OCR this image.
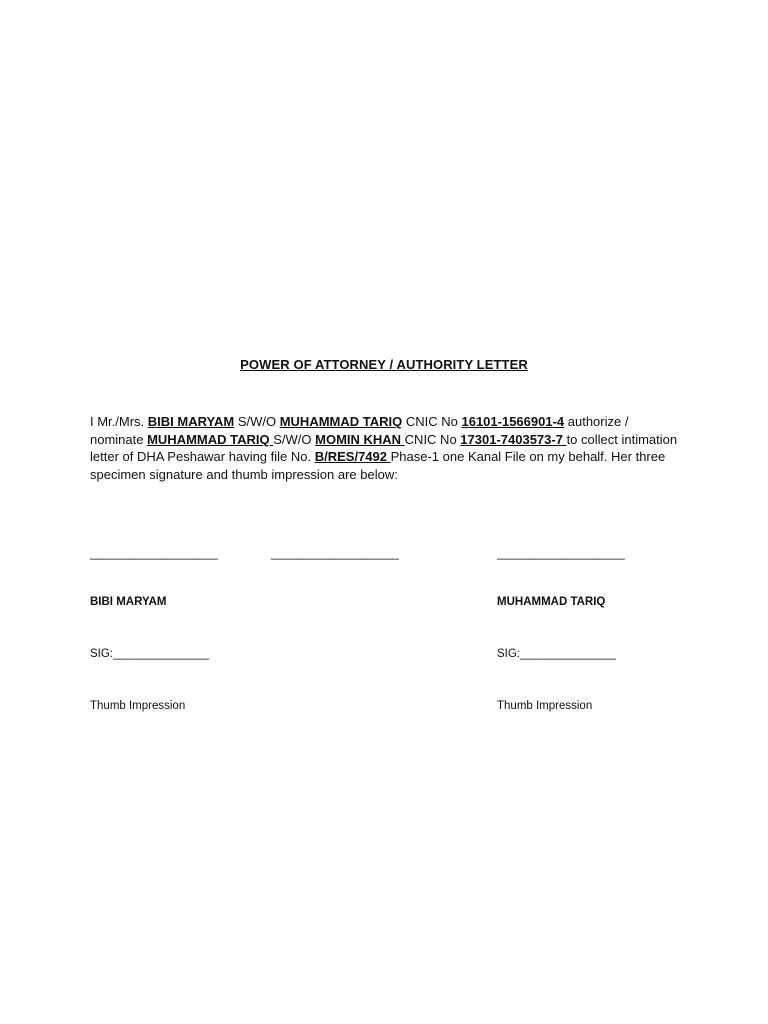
POWER OF ATTORNEY / AUTHORITY LETTER
I Mr./Mrs. BIBI MARYAM S/W/O MUHAMMAD TARIQ CNIC No 16101-1566901-4 authorize / nominate MUHAMMAD TARIQ S/W/O MOMIN KHAN CNIC No 17301-7403573-7 to collect intimation letter of DHA Peshawar having file No. B/RES/7492 Phase-1 one Kanal File on my behalf. Her three specimen signature and thumb impression are below:
____________________	____________________	____________________
BIBI MARYAM	MUHAMMAD TARIQ
SIG:_______________	SIG:_______________
Thumb Impression	Thumb Impression
